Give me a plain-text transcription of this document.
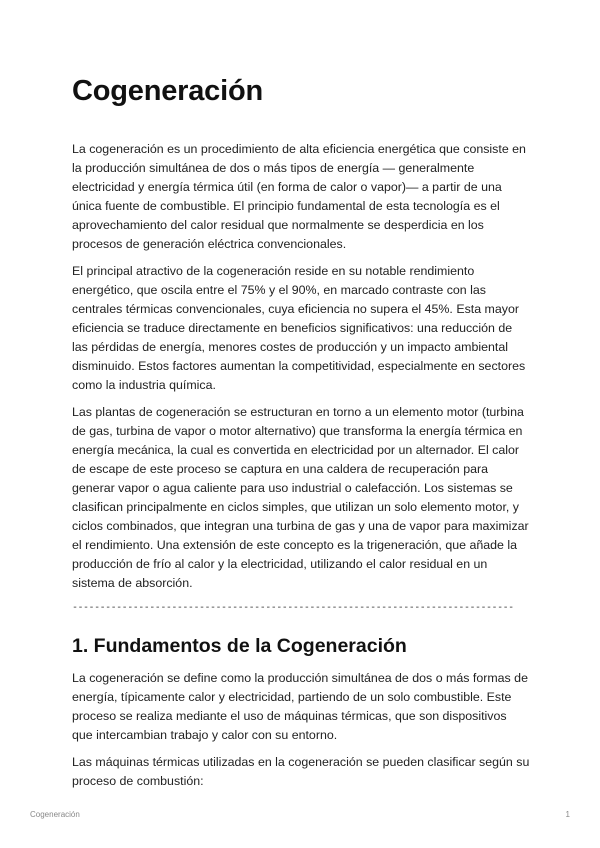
Cogeneración

La cogeneración es un procedimiento de alta eficiencia energética que consiste en la producción simultánea de dos o más tipos de energía — generalmente electricidad y energía térmica útil (en forma de calor o vapor)— a partir de una única fuente de combustible. El principio fundamental de esta tecnología es el aprovechamiento del calor residual que normalmente se desperdicia en los procesos de generación eléctrica convencionales.

El principal atractivo de la cogeneración reside en su notable rendimiento energético, que oscila entre el 75% y el 90%, en marcado contraste con las centrales térmicas convencionales, cuya eficiencia no supera el 45%. Esta mayor eficiencia se traduce directamente en beneficios significativos: una reducción de las pérdidas de energía, menores costes de producción y un impacto ambiental disminuido. Estos factores aumentan la competitividad, especialmente en sectores como la industria química.

Las plantas de cogeneración se estructuran en torno a un elemento motor (turbina de gas, turbina de vapor o motor alternativo) que transforma la energía térmica en energía mecánica, la cual es convertida en electricidad por un alternador. El calor de escape de este proceso se captura en una caldera de recuperación para generar vapor o agua caliente para uso industrial o calefacción. Los sistemas se clasifican principalmente en ciclos simples, que utilizan un solo elemento motor, y ciclos combinados, que integran una turbina de gas y una de vapor para maximizar el rendimiento. Una extensión de este concepto es la trigeneración, que añade la producción de frío al calor y la electricidad, utilizando el calor residual en un sistema de absorción.

--------------------------------------------------------------------------------
1. Fundamentos de la Cogeneración

La cogeneración se define como la producción simultánea de dos o más formas de energía, típicamente calor y electricidad, partiendo de un solo combustible. Este proceso se realiza mediante el uso de máquinas térmicas, que son dispositivos que intercambian trabajo y calor con su entorno.

Las máquinas térmicas utilizadas en la cogeneración se pueden clasificar según su proceso de combustión:

Cogeneración	1
